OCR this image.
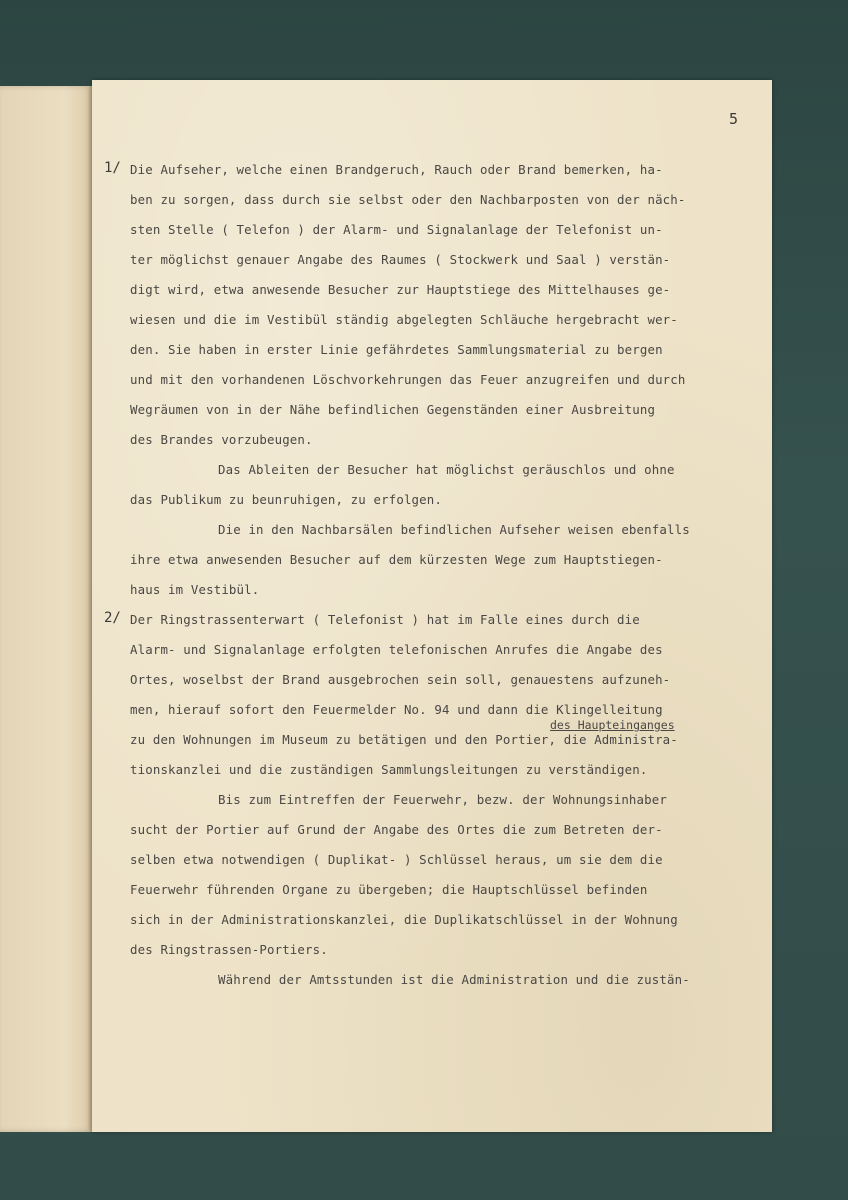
5
1/ Die Aufseher, welche einen Brandgeruch, Rauch oder Brand bemerken, ha-
ben zu sorgen, dass durch sie selbst oder den Nachbarposten von der näch-
sten Stelle ( Telefon ) der Alarm- und Signalanlage der Telefonist un-
ter möglichst genauer Angabe des Raumes ( Stockwerk und Saal ) verstän-
digt wird, etwa anwesende Besucher zur Hauptstiege des Mittelhauses ge-
wiesen und die im Vestibül ständig abgelegten Schläuche hergebracht wer-
den. Sie haben in erster Linie gefährdetes Sammlungsmaterial zu bergen
und mit den vorhandenen Löschvorkehrungen das Feuer anzugreifen und durch
Wegräumen von in der Nähe befindlichen Gegenständen einer Ausbreitung
des Brandes vorzubeugen.
Das Ableiten der Besucher hat möglichst geräuschlos und ohne
das Publikum zu beunruhigen, zu erfolgen.
Die in den Nachbarsälen befindlichen Aufseher weisen ebenfalls
ihre etwa anwesenden Besucher auf dem kürzesten Wege zum Hauptstiegen-
haus im Vestibül.
2/ Der Ringstrassenterwart ( Telefonist ) hat im Falle eines durch die
Alarm- und Signalanlage erfolgten telefonischen Anrufes die Angabe des
Ortes, woselbst der Brand ausgebrochen sein soll, genauestens aufzuneh-
men, hierauf sofort den Feuermelder No. 94 und dann die Klingelleitung
des Haupteinganges
zu den Wohnungen im Museum zu betätigen und den Portier, die Administra-
tionskanzlei und die zuständigen Sammlungsleitungen zu verständigen.
Bis zum Eintreffen der Feuerwehr, bezw. der Wohnungsinhaber
sucht der Portier auf Grund der Angabe des Ortes die zum Betreten der-
selben etwa notwendigen ( Duplikat- ) Schlüssel heraus, um sie dem die
Feuerwehr führenden Organe zu übergeben; die Hauptschlüssel befinden
sich in der Administrationskanzlei, die Duplikatschlüssel in der Wohnung
des Ringstrassen-Portiers.
Während der Amtsstunden ist die Administration und die zustän-
